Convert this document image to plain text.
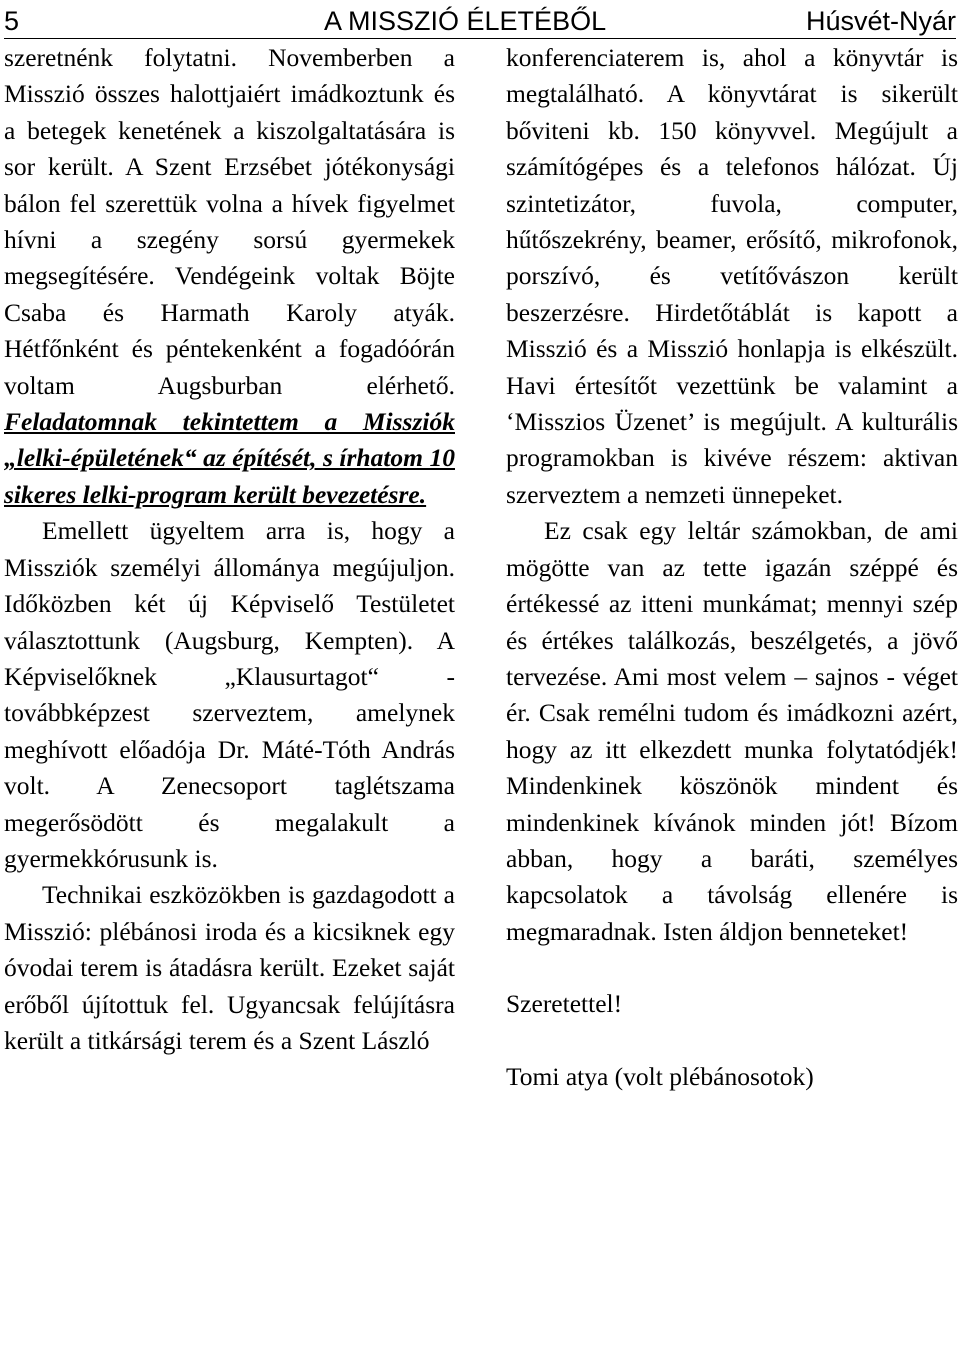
5	A MISSZIÓ ÉLETÉBŐL	Húsvét-Nyár

szeretnénk folytatni. Novemberben a Misszió összes halottjaiért imádkoztunk és a betegek kenetének a kiszolgaltatására is sor került. A Szent Erzsébet jótékonysági bálon fel szerettük volna a hívek figyelmet hívni a szegény sorsú gyermekek megsegítésére. Vendégeink voltak Böjte Csaba és Harmath Karoly atyák. Hétfőnként és péntekenként a fogadóórán voltam Augsburban elérhető. Feladatomnak tekintettem a Missziók „lelki-épületének“ az építését, s írhatom 10 sikeres lelki-program került bevezetésre.

Emellett ügyeltem arra is, hogy a Missziók személyi állománya megújuljon. Időközben két új Képviselő Testületet választottunk (Augsburg, Kempten). A Képviselőknek „Klausurtagot“ - továbbképzest szerveztem, amelynek meghívott előadója Dr. Máté-Tóth András volt. A Zenecsoport taglétszama megerősödött és megalakult a gyermekkórusunk is.

Technikai eszközökben is gazdagodott a Misszió: plébánosi iroda és a kicsiknek egy óvodai terem is átadásra került. Ezeket saját erőből újítottuk fel. Ugyancsak felújításra került a titkársági terem és a Szent László

konferenciaterem is, ahol a könyvtár is megtalálható. A könyvtárat is sikerült bőviteni kb. 150 könyvvel. Megújult a számítógépes és a telefonos hálózat. Új szintetizátor, fuvola, computer, hűtőszekrény, beamer, erősítő, mikrofonok, porszívó, és vetítővászon került beszerzésre. Hirdetőtáblát is kapott a Misszió és a Misszió honlapja is elkészült. Havi értesítőt vezettünk be valamint a ‘Misszios Üzenet’ is megújult. A kulturális programokban is kivéve részem: aktivan szerveztem a nemzeti ünnepeket.

Ez csak egy leltár számokban, de ami mögötte van az tette igazán széppé és értékessé az itteni munkámat; mennyi szép és értékes találkozás, beszélgetés, a jövő tervezése. Ami most velem – sajnos - véget ér. Csak remélni tudom és imádkozni azért, hogy az itt elkezdett munka folytatódjék! Mindenkinek köszönök mindent és mindenkinek kívánok minden jót! Bízom abban, hogy a baráti, személyes kapcsolatok a távolság ellenére is megmaradnak. Isten áldjon benneteket!

Szeretettel!

Tomi atya (volt plébánosotok)
